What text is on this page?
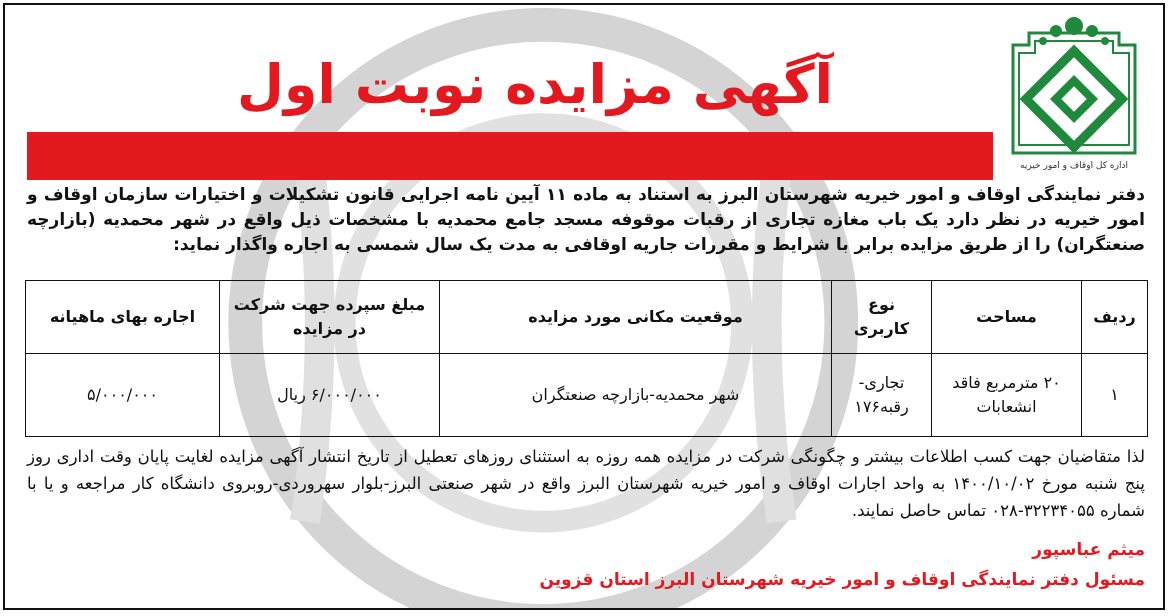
اداره کل اوقاف و امور خیریه
آگهی مزایده نوبت اول

دفتر نمایندگی اوقاف و امور خیریه شهرستان البرز به استناد به ماده ۱۱ آیین نامه اجرایی قانون تشکیلات و اختیارات سازمان اوقاف و امور خیریه در نظر دارد یک باب مغازه تجاری از رقبات موقوفه مسجد جامع محمدیه با مشخصات ذیل واقع در شهر محمدیه (بازارچه صنعتگران) را از طریق مزایده برابر با شرایط و مقررات جاریه اوقافی به مدت یک سال شمسی به اجاره واگذار نماید:

ردیف	مساحت	نوع کاربری	موقعیت مکانی مورد مزایده	مبلغ سپرده جهت شرکت در مزایده	اجاره بهای ماهیانه
۱	۲۰ مترمربع فاقد انشعابات	تجاری-رقبه۱۷۶	شهر محمدیه-بازارچه صنعتگران	۶/۰۰۰/۰۰۰ ریال	۵/۰۰۰/۰۰۰

لذا متقاضیان جهت کسب اطلاعات بیشتر و چگونگی شرکت در مزایده همه روزه به استثنای روزهای تعطیل از تاریخ انتشار آگهی مزایده لغایت پایان وقت اداری روز پنج شنبه مورخ ۱۴۰۰/۱۰/۰۲ به واحد اجارات اوقاف و امور خیریه شهرستان البرز واقع در شهر صنعتی البرز-بلوار سهروردی-روبروی دانشگاه کار مراجعه و یا با شماره ۳۲۲۳۴۰۵۵-۰۲۸ تماس حاصل نمایند.

میثم عباسپور

مسئول دفتر نمایندگی اوقاف و امور خیریه شهرستان البرز استان قزوین
